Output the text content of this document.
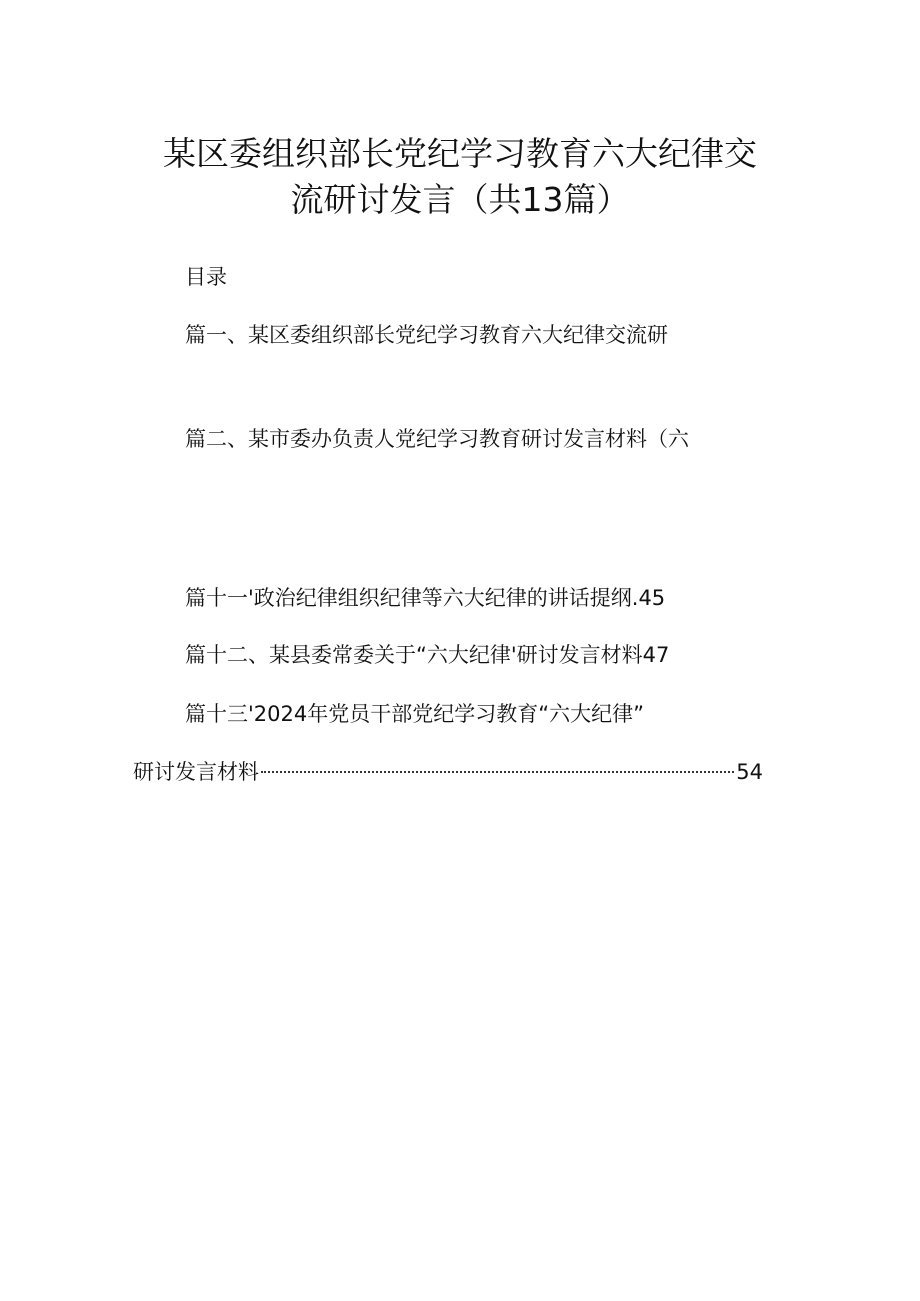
某区委组织部长党纪学习教育六大纪律交
流研讨发言（共13篇）
目录
篇一、某区委组织部长党纪学习教育六大纪律交流研
篇二、某市委办负责人党纪学习教育研讨发言材料（六
篇十一'政治纪律组织纪律等六大纪律的讲话提纲.45
篇十二、某县委常委关于“六大纪律'研讨发言材料47
篇十三'2024年党员干部党纪学习教育“六大纪律”
研讨发言材料	54
